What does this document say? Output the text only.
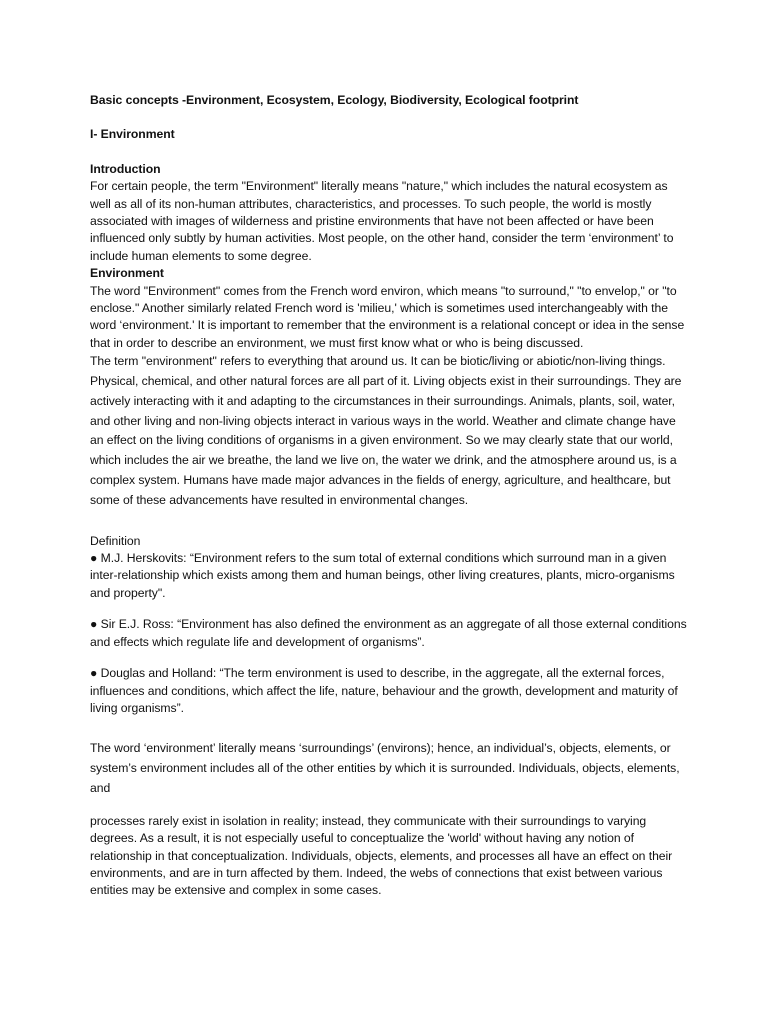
Basic concepts -Environment, Ecosystem, Ecology, Biodiversity, Ecological footprint

I- Environment

Introduction

For certain people, the term "Environment" literally means "nature," which includes the natural ecosystem as well as all of its non-human attributes, characteristics, and processes. To such people, the world is mostly associated with images of wilderness and pristine environments that have not been affected or have been influenced only subtly by human activities. Most people, on the other hand, consider the term ‘environment’ to include human elements to some degree.

Environment

The word "Environment" comes from the French word environ, which means "to surround," "to envelop," or "to enclose." Another similarly related French word is 'milieu,' which is sometimes used interchangeably with the word ‘environment.' It is important to remember that the environment is a relational concept or idea in the sense that in order to describe an environment, we must first know what or who is being discussed.

The term "environment" refers to everything that around us. It can be biotic/living or abiotic/non-living things. Physical, chemical, and other natural forces are all part of it. Living objects exist in their surroundings. They are actively interacting with it and adapting to the circumstances in their surroundings. Animals, plants, soil, water, and other living and non-living objects interact in various ways in the world. Weather and climate change have an effect on the living conditions of organisms in a given environment. So we may clearly state that our world, which includes the air we breathe, the land we live on, the water we drink, and the atmosphere around us, is a complex system. Humans have made major advances in the fields of energy, agriculture, and healthcare, but some of these advancements have resulted in environmental changes.

Definition

● M.J. Herskovits: “Environment refers to the sum total of external conditions which surround man in a given inter-relationship which exists among them and human beings, other living creatures, plants, micro-organisms and property".

● Sir E.J. Ross: “Environment has also defined the environment as an aggregate of all those external conditions and effects which regulate life and development of organisms”.

● Douglas and Holland: “The term environment is used to describe, in the aggregate, all the external forces, influences and conditions, which affect the life, nature, behaviour and the growth, development and maturity of living organisms”.

The word ‘environment’ literally means ‘surroundings’ (environs); hence, an individual’s, objects, elements, or system’s environment includes all of the other entities by which it is surrounded. Individuals, objects, elements, and

processes rarely exist in isolation in reality; instead, they communicate with their surroundings to varying degrees. As a result, it is not especially useful to conceptualize the 'world' without having any notion of relationship in that conceptualization. Individuals, objects, elements, and processes all have an effect on their environments, and are in turn affected by them. Indeed, the webs of connections that exist between various entities may be extensive and complex in some cases.
